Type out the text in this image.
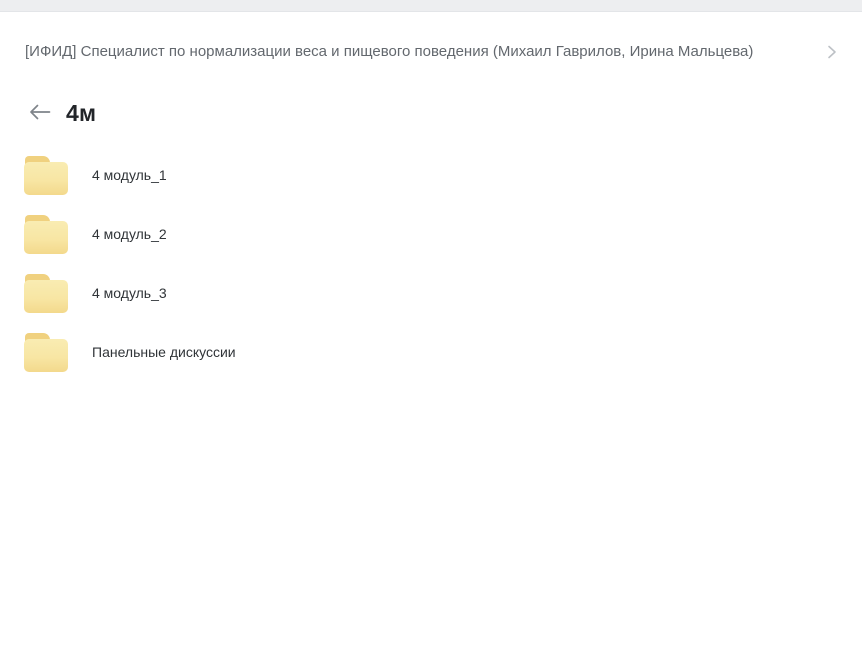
[ИФИД] Специалист по нормализации веса и пищевого поведения (Михаил Гаврилов, Ирина Мальцева)
4м
4 модуль_1
4 модуль_2
4 модуль_3
Панельные дискуссии
